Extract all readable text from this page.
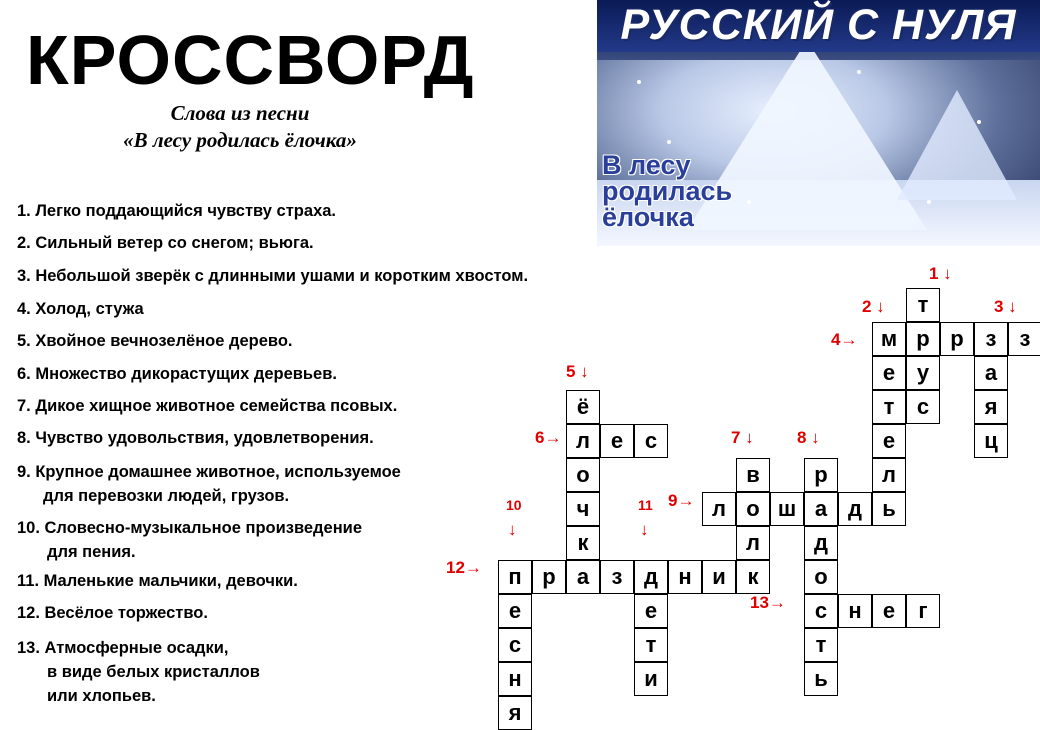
КРОССВОРД
Слова из песни
«В лесу родилась ёлочка»
РУССКИЙ С НУЛЯ
В лесу
родилась
ёлочка
1. Легко поддающийся чувству страха.
2. Сильный ветер со снегом; вьюга.
3. Небольшой зверёк с длинными ушами и коротким хвостом.
4. Холод, стужа
5. Хвойное вечнозелёное дерево.
6. Множество дикорастущих деревьев.
7. Дикое хищное животное семейства псовых.
8. Чувство удовольствия, удовлетворения.
9. Крупное домашнее животное, используемое
для перевозки людей, грузов.
10. Словесно-музыкальное произведение
для пения.
11. Маленькие мальчики, девочки.
12. Весёлое торжество.
13. Атмосферные осадки,
в виде белых кристаллов
или хлопьев.
т
р
у
с
м
е
т
е
л
ь
з
а
я
ц
р	з
ё
л
о
ч
к
а
е с
в
о
л
к
р
а
д
о
с
т
ь
л	ш	д
п
е
с
н
я
д
е
т
и
р	з	н и
н е	г
1 ↓
2 ↓	3 ↓
4→
5 ↓
6→	7 ↓	8 ↓
9→
10
↓
11
↓
12→
13→
